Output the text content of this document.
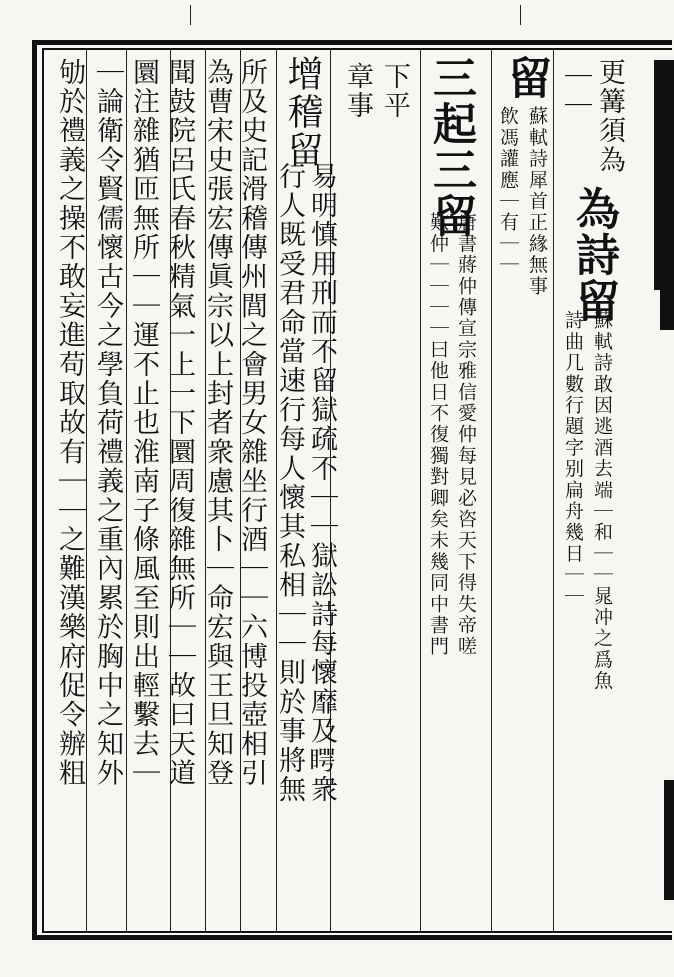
更篝須為
｜｜
為詩留
蘇軾詩敢因逃酒去端｜和｜｜晁冲之爲魚
詩曲几數行題字别扁舟幾日｜｜
留
蘇軾詩犀首正緣無事
飲馮讙應｜有｜｜
三起三留
唐書蔣仲傳宣宗雅信愛仲每見必咨天下得失帝嗟
歎仲｜｜｜｜曰他日不復獨對卿矣未幾同中書門
下平
章事
增稽留
易明慎用刑而不留獄疏不｜｜獄訟詩每懷靡及𥈭衆
行人既受君命當速行每人懷其私相｜｜則於事將無
所及史記滑稽傳州閭之會男女雜坐行酒｜｜六博投壺相引
為曹宋史張宏傳眞宗以上封者衆慮其卜｜命宏與王旦知登
聞鼓院呂氏春秋精氣一上一下圜周復雜無所｜｜故曰天道
圜注雜猶匝無所｜｜運不止也淮南子條風至則出輕繫去｜
｜論衛令賢儒懷古今之學負荷禮義之重內累於胸中之知外
劬於禮義之操不敢妄進苟取故有｜｜之難漢樂府促令辦粗
